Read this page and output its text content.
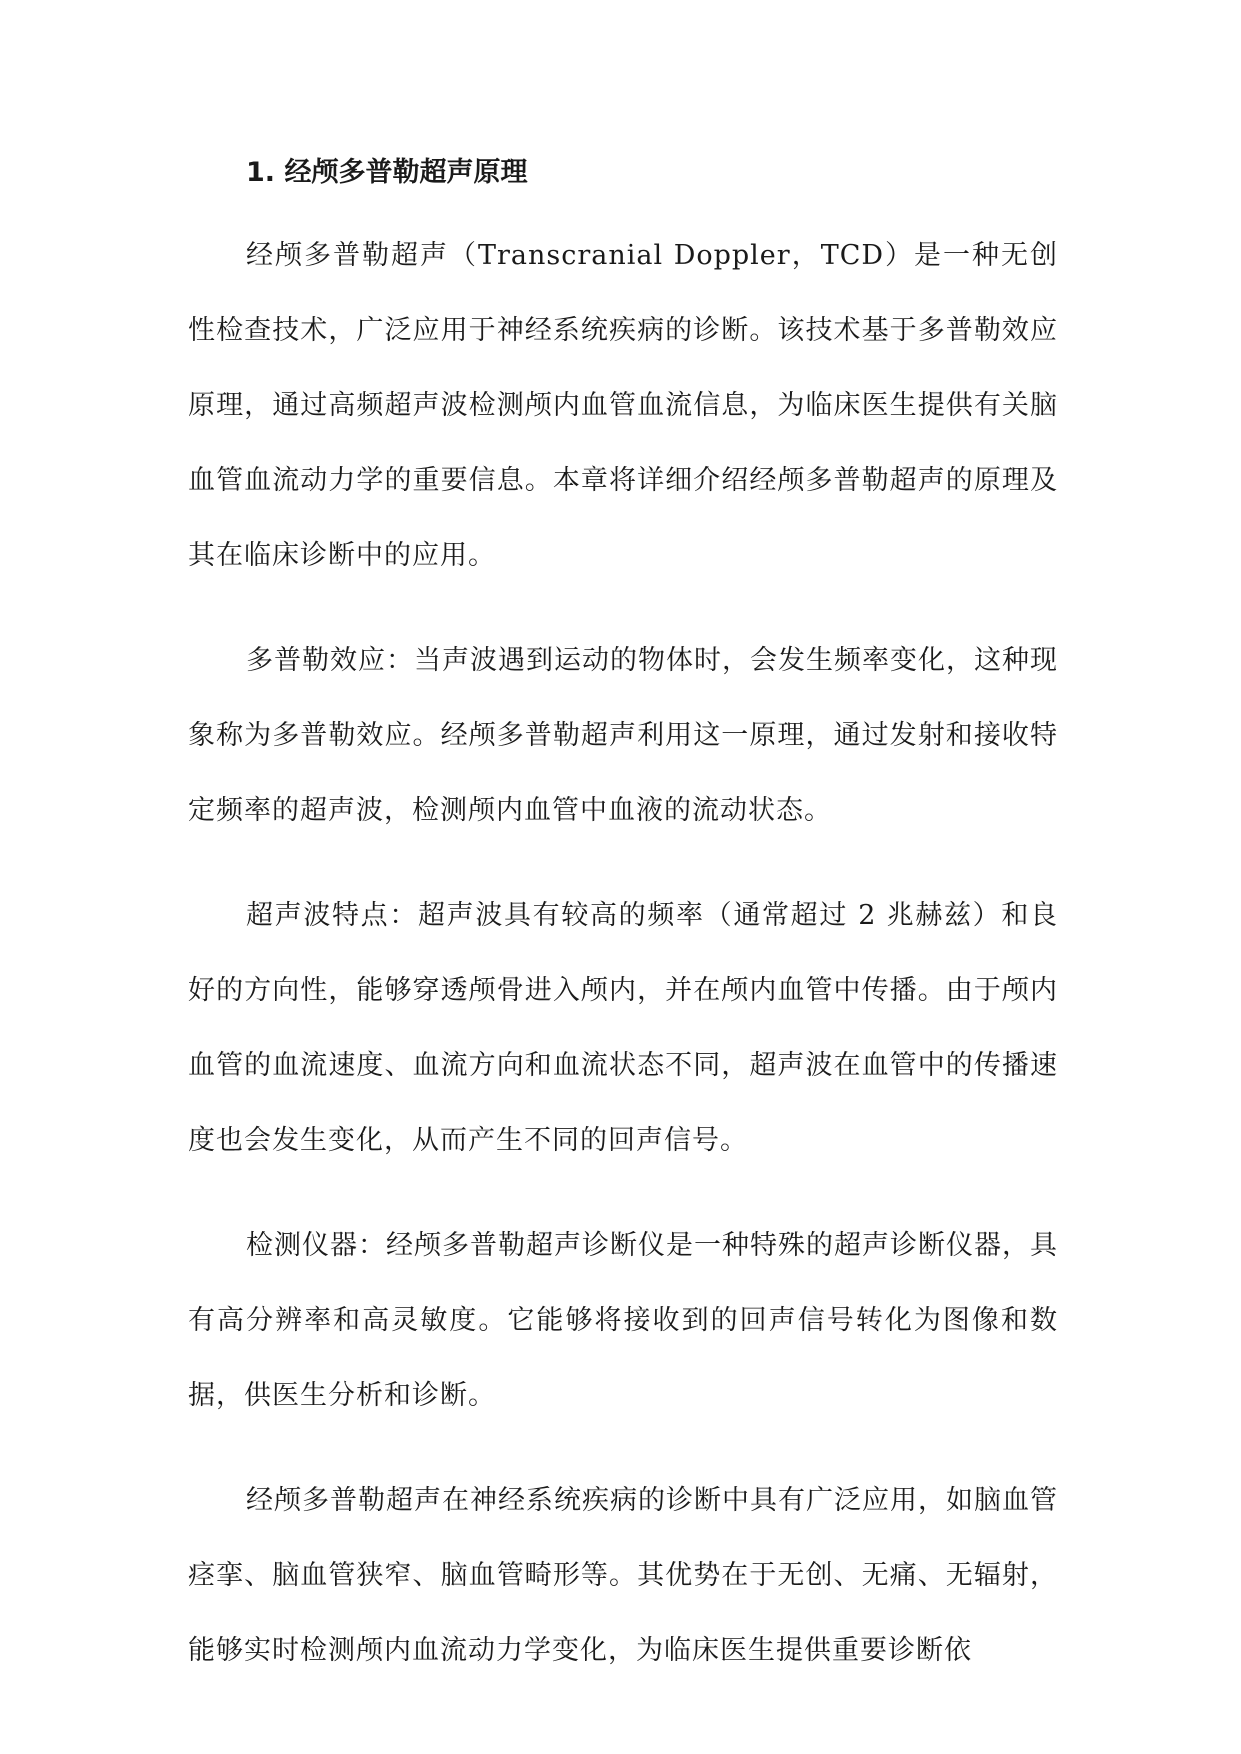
1. 经颅多普勒超声原理

经颅多普勒超声（Transcranial Doppler，TCD）是一种无创性检查技术，广泛应用于神经系统疾病的诊断。该技术基于多普勒效应原理，通过高频超声波检测颅内血管血流信息，为临床医生提供有关脑血管血流动力学的重要信息。本章将详细介绍经颅多普勒超声的原理及其在临床诊断中的应用。

多普勒效应：当声波遇到运动的物体时，会发生频率变化，这种现象称为多普勒效应。经颅多普勒超声利用这一原理，通过发射和接收特定频率的超声波，检测颅内血管中血液的流动状态。

超声波特点：超声波具有较高的频率（通常超过 2 兆赫兹）和良好的方向性，能够穿透颅骨进入颅内，并在颅内血管中传播。由于颅内血管的血流速度、血流方向和血流状态不同，超声波在血管中的传播速度也会发生变化，从而产生不同的回声信号。

检测仪器：经颅多普勒超声诊断仪是一种特殊的超声诊断仪器，具有高分辨率和高灵敏度。它能够将接收到的回声信号转化为图像和数据，供医生分析和诊断。

经颅多普勒超声在神经系统疾病的诊断中具有广泛应用，如脑血管痉挛、脑血管狭窄、脑血管畸形等。其优势在于无创、无痛、无辐射，能够实时检测颅内血流动力学变化，为临床医生提供重要诊断依
